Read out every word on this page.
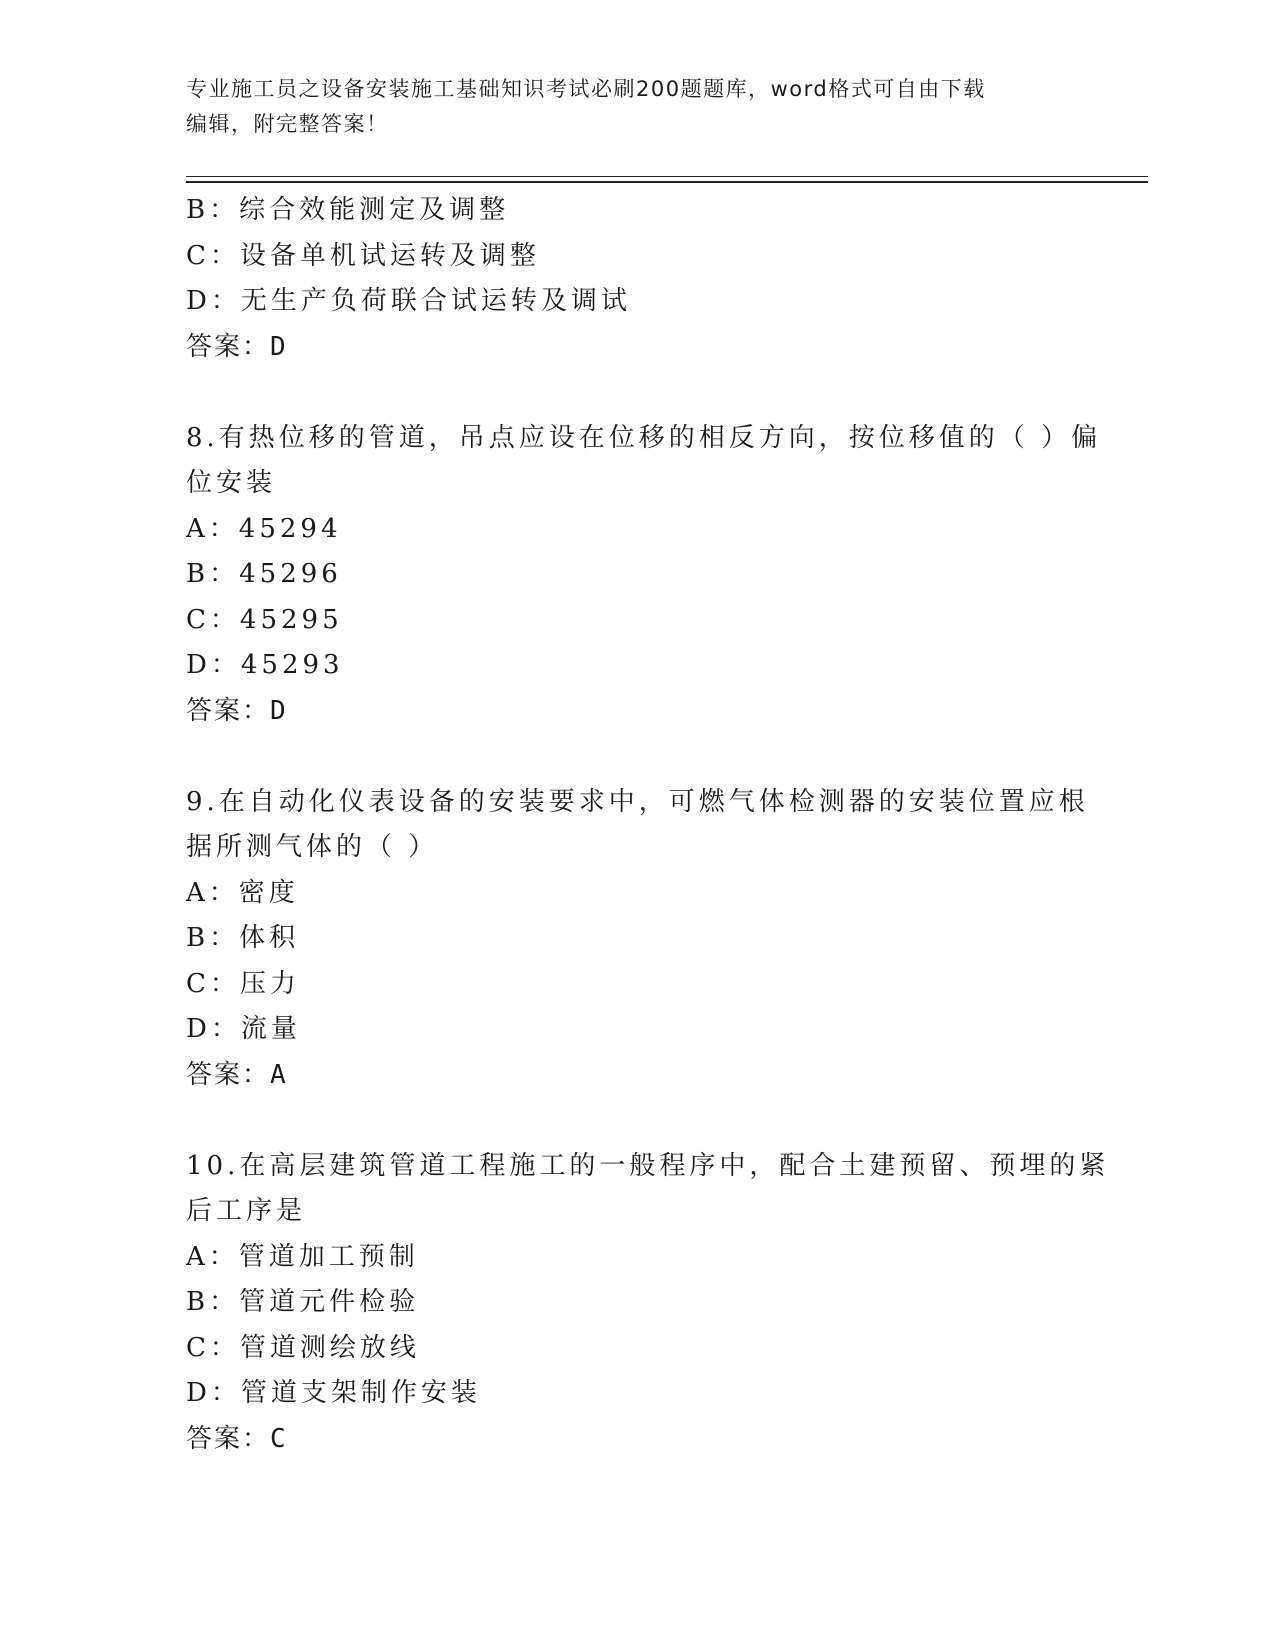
专业施工员之设备安装施工基础知识考试必刷200题题库，word格式可自由下载
编辑，附完整答案！
B：综合效能测定及调整
C：设备单机试运转及调整
D：无生产负荷联合试运转及调试
答案：D
8.有热位移的管道，吊点应设在位移的相反方向，按位移值的（ ）偏
位安装
A：45294
B：45296
C：45295
D：45293
答案：D
9.在自动化仪表设备的安装要求中，可燃气体检测器的安装位置应根
据所测气体的（ ）
A：密度
B：体积
C：压力
D：流量
答案：A
10.在高层建筑管道工程施工的一般程序中，配合土建预留、预埋的紧
后工序是
A：管道加工预制
B：管道元件检验
C：管道测绘放线
D：管道支架制作安装
答案：C
